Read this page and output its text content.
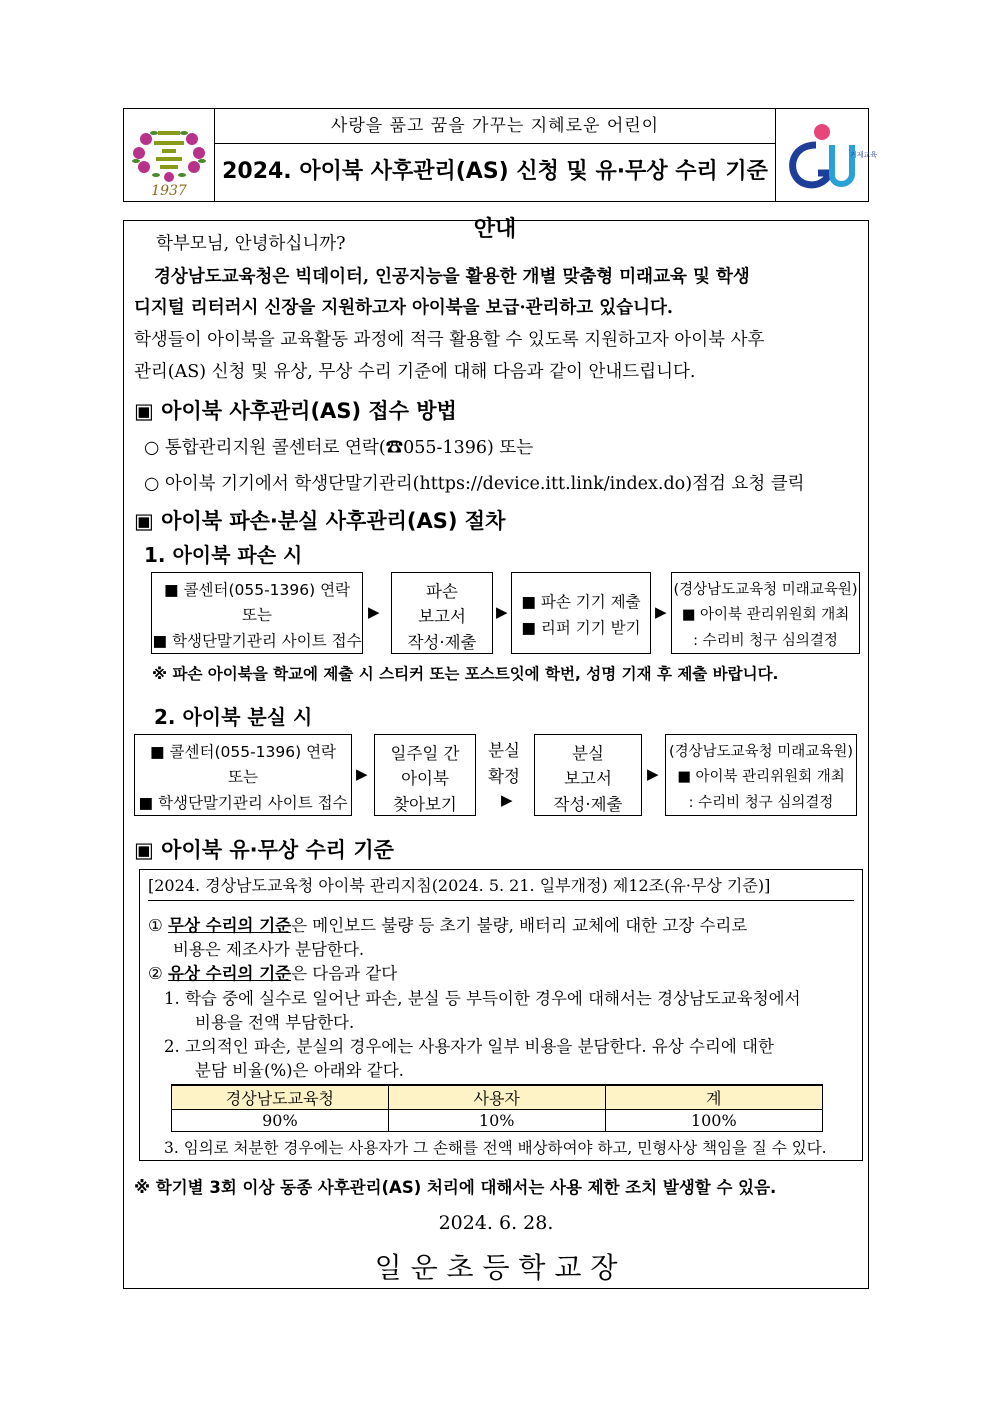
1937
사랑을 품고 꿈을 가꾸는 지혜로운 어린이
2024. 아이북 사후관리(AS) 신청 및 유·무상 수리 기준 안내
거제교육
학부모님, 안녕하십니까?
경상남도교육청은 빅데이터, 인공지능을 활용한 개별 맞춤형 미래교육 및 학생
디지털 리터러시 신장을 지원하고자 아이북을 보급·관리하고 있습니다.
학생들이 아이북을 교육활동 과정에 적극 활용할 수 있도록 지원하고자 아이북 사후
관리(AS) 신청 및 유상, 무상 수리 기준에 대해 다음과 같이 안내드립니다.
▣ 아이북 사후관리(AS) 접수 방법
○ 통합관리지원 콜센터로 연락(☎055-1396) 또는
○ 아이북 기기에서 학생단말기관리(https://device.itt.link/index.do)점검 요청 클릭
▣ 아이북 파손·분실 사후관리(AS) 절차
1. 아이북 파손 시
■ 콜센터(055-1396) 연락
또는
■ 학생단말기관리 사이트 접수
▶
파손
보고서
작성·제출
▶
■ 파손 기기 제출
■ 리퍼 기기 받기
▶
(경상남도교육청 미래교육원)
■ 아이북 관리위원회 개최
: 수리비 청구 심의결정
※ 파손 아이북을 학교에 제출 시 스티커 또는 포스트잇에 학번, 성명 기재 후 제출 바랍니다.
2. 아이북 분실 시
■ 콜센터(055-1396) 연락
또는
■ 학생단말기관리 사이트 접수
▶
일주일 간
아이북
찾아보기
분실
확정
▶
분실
보고서
작성·제출
▶
(경상남도교육청 미래교육원)
■ 아이북 관리위원회 개최
: 수리비 청구 심의결정
▣ 아이북 유·무상 수리 기준
[2024. 경상남도교육청 아이북 관리지침(2024. 5. 21. 일부개정) 제12조(유·무상 기준)]
① 무상 수리의 기준은 메인보드 불량 등 초기 불량, 배터리 교체에 대한 고장 수리로
비용은 제조사가 분담한다.
② 유상 수리의 기준은 다음과 같다
1. 학습 중에 실수로 일어난 파손, 분실 등 부득이한 경우에 대해서는 경상남도교육청에서
비용을 전액 부담한다.
2. 고의적인 파손, 분실의 경우에는 사용자가 일부 비용을 분담한다. 유상 수리에 대한
분담 비율(%)은 아래와 같다.
경상남도교육청	사용자	계
90%	10%	100%
3. 임의로 처분한 경우에는 사용자가 그 손해를 전액 배상하여야 하고, 민형사상 책임을 질 수 있다.
※ 학기별 3회 이상 동종 사후관리(AS) 처리에 대해서는 사용 제한 조치 발생할 수 있음.
2024. 6. 28.
일 운 초 등 학 교 장
